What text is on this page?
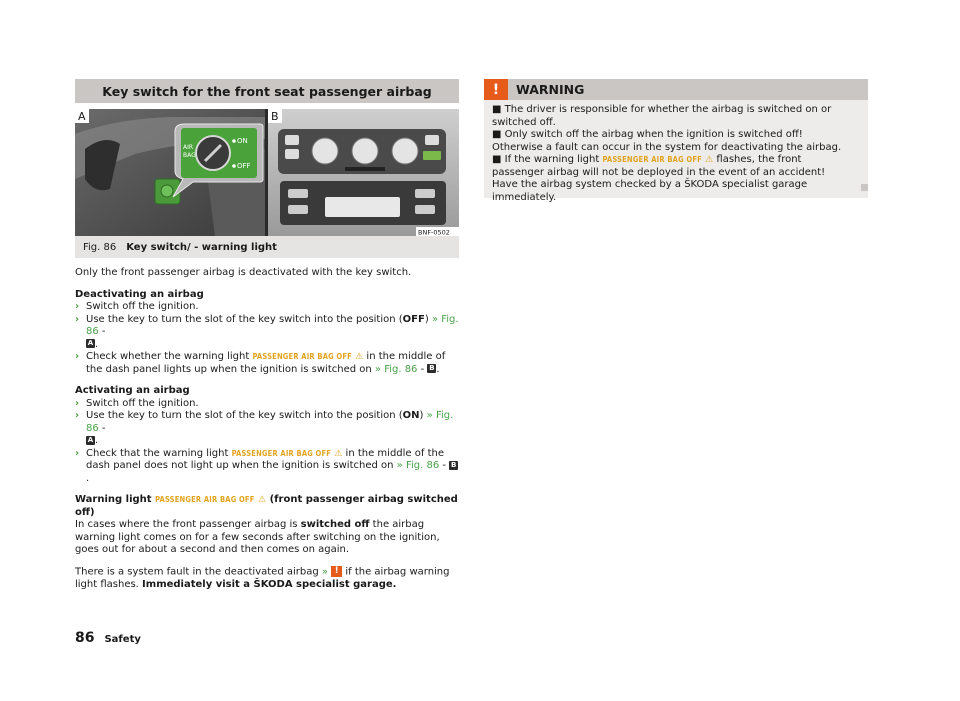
Key switch for the front seat passenger airbag
ON
OFF
AIR
BAG
A	B
BNF-0502
Fig. 86 Key switch/ - warning light
Only the front passenger airbag is deactivated with the key switch.
Deactivating an airbag
› Switch off the ignition.
› Use the key to turn the slot of the key switch into the position (OFF) » Fig. 86 -
A .
› Check whether the warning light PASSENGER AIR BAG OFF ⚠ in the middle of the dash panel lights up when the ignition is switched on » Fig. 86 - B .
Activating an airbag
› Switch off the ignition.
› Use the key to turn the slot of the key switch into the position (ON) » Fig. 86 -
A .
› Check that the warning light PASSENGER AIR BAG OFF ⚠ in the middle of the dash panel does not light up when the ignition is switched on » Fig. 86 - B.
Warning light PASSENGER AIR BAG OFF ⚠ (front passenger airbag switched off)
In cases where the front passenger airbag is switched off the airbag warning light comes on for a few seconds after switching on the ignition, goes out for about a second and then comes on again.
There is a system fault in the deactivated airbag » ! if the airbag warning light flashes. Immediately visit a ŠKODA specialist garage.
!	WARNING
■ The driver is responsible for whether the airbag is switched on or switched off.
■ Only switch off the airbag when the ignition is switched off! Otherwise a fault can occur in the system for deactivating the airbag.
■ If the warning light PASSENGER AIR BAG OFF ⚠ flashes, the front passenger airbag will not be deployed in the event of an accident! Have the airbag system checked by a ŠKODA specialist garage immediately.
86 Safety
